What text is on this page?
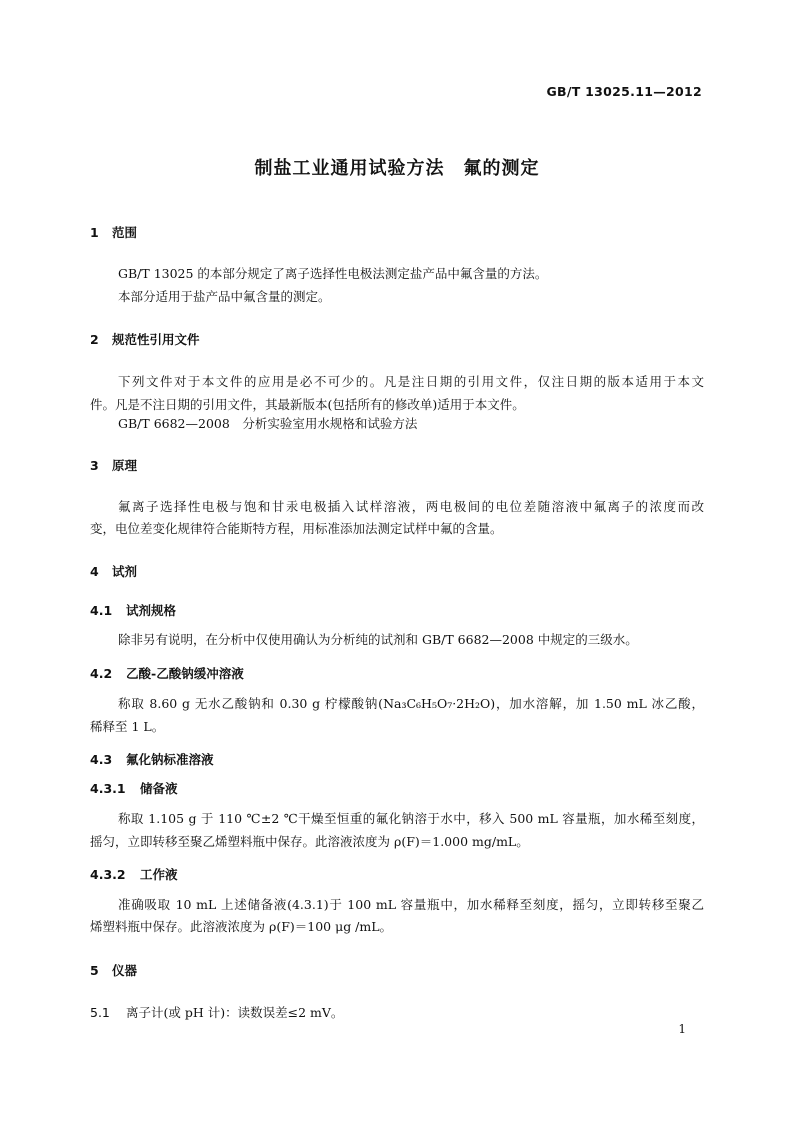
GB/T 13025.11—2012
制盐工业通用试验方法　氟的测定
1 范围
GB/T 13025 的本部分规定了离子选择性电极法测定盐产品中氟含量的方法。
本部分适用于盐产品中氟含量的测定。
2 规范性引用文件
下列文件对于本文件的应用是必不可少的。凡是注日期的引用文件，仅注日期的版本适用于本文
件。凡是不注日期的引用文件，其最新版本(包括所有的修改单)适用于本文件。
GB/T 6682—2008　分析实验室用水规格和试验方法
3 原理
氟离子选择性电极与饱和甘汞电极插入试样溶液，两电极间的电位差随溶液中氟离子的浓度而改
变，电位差变化规律符合能斯特方程，用标准添加法测定试样中氟的含量。
4 试剂
4.1 试剂规格
除非另有说明，在分析中仅使用确认为分析纯的试剂和 GB/T 6682—2008 中规定的三级水。
4.2 乙酸-乙酸钠缓冲溶液
称取 8.60 g 无水乙酸钠和 0.30 g 柠檬酸钠(Na₃C₆H₅O₇·2H₂O)，加水溶解，加 1.50 mL 冰乙酸，
稀释至 1 L。
4.3 氟化钠标准溶液
4.3.1 储备液
称取 1.105 g 于 110 ℃±2 ℃干燥至恒重的氟化钠溶于水中，移入 500 mL 容量瓶，加水稀至刻度，
摇匀，立即转移至聚乙烯塑料瓶中保存。此溶液浓度为 ρ(F)＝1.000 mg/mL。
4.3.2 工作液
准确吸取 10 mL 上述储备液(4.3.1)于 100 mL 容量瓶中，加水稀释至刻度，摇匀，立即转移至聚乙
烯塑料瓶中保存。此溶液浓度为 ρ(F)＝100 μg /mL。
5 仪器
5.1 离子计(或 pH 计)：读数误差≤2 mV。
1
